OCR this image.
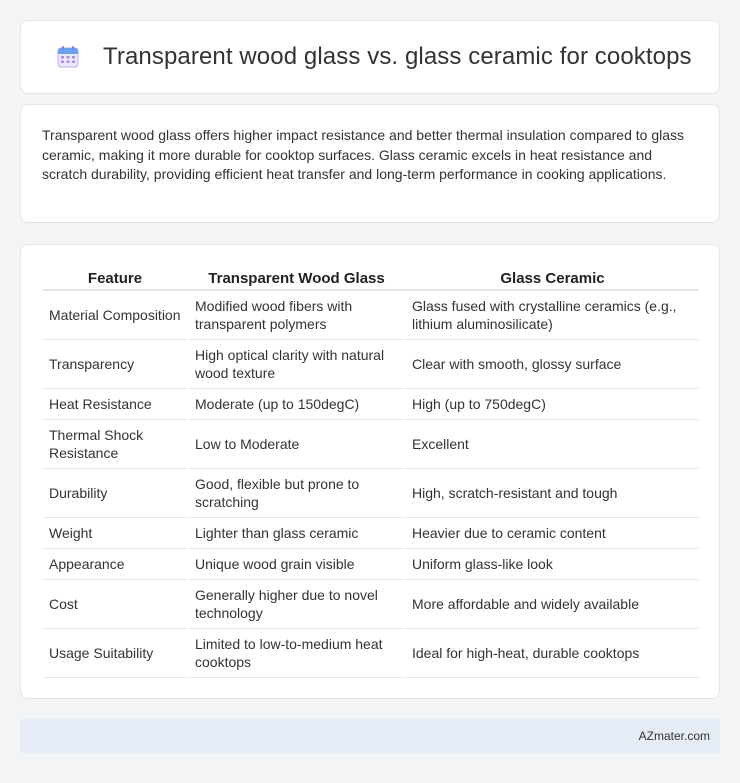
Transparent wood glass vs. glass ceramic for cooktops

Transparent wood glass offers higher impact resistance and better thermal insulation compared to glass ceramic, making it more durable for cooktop surfaces. Glass ceramic excels in heat resistance and scratch durability, providing efficient heat transfer and long-term performance in cooking applications.

Feature	Transparent Wood Glass	Glass Ceramic
Material Composition	Modified wood fibers with transparent polymers	Glass fused with crystalline ceramics (e.g., lithium aluminosilicate)
Transparency	High optical clarity with natural wood texture	Clear with smooth, glossy surface
Heat Resistance	Moderate (up to 150degC)	High (up to 750degC)
Thermal Shock Resistance	Low to Moderate	Excellent
Durability	Good, flexible but prone to scratching	High, scratch-resistant and tough
Weight	Lighter than glass ceramic	Heavier due to ceramic content
Appearance	Unique wood grain visible	Uniform glass-like look
Cost	Generally higher due to novel technology	More affordable and widely available
Usage Suitability	Limited to low-to-medium heat cooktops	Ideal for high-heat, durable cooktops
AZmater.com
